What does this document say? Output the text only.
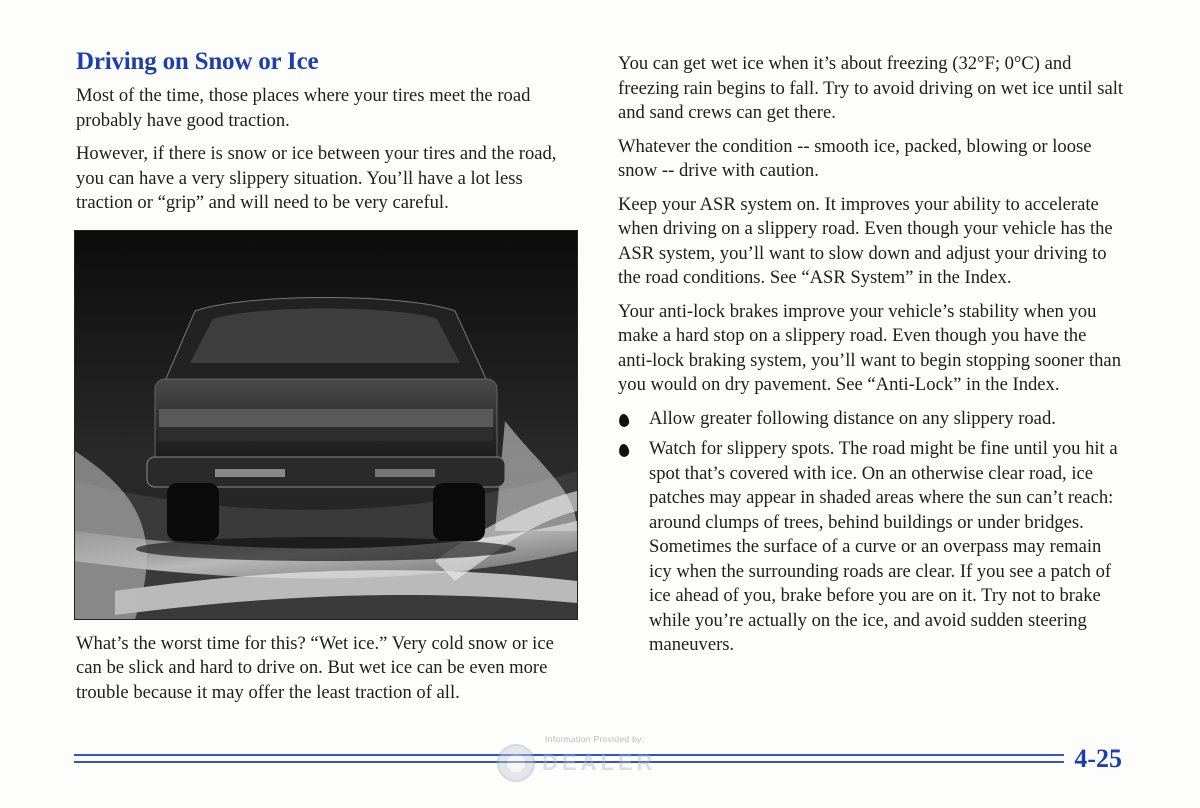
Driving on Snow or Ice

Most of the time, those places where your tires meet the road probably have good traction.

However, if there is snow or ice between your tires and the road, you can have a very slippery situation. You’ll have a lot less traction or “grip” and will need to be very careful.

What’s the worst time for this? “Wet ice.” Very cold snow or ice can be slick and hard to drive on. But wet ice can be even more trouble because it may offer the least traction of all.

You can get wet ice when it’s about freezing (32°F; 0°C) and freezing rain begins to fall. Try to avoid driving on wet ice until salt and sand crews can get there.

Whatever the condition -- smooth ice, packed, blowing or loose snow -- drive with caution.

Keep your ASR system on. It improves your ability to accelerate when driving on a slippery road. Even though your vehicle has the ASR system, you’ll want to slow down and adjust your driving to the road conditions. See “ASR System” in the Index.

Your anti-lock brakes improve your vehicle’s stability when you make a hard stop on a slippery road. Even though you have the anti-lock braking system, you’ll want to begin stopping sooner than you would on dry pavement. See “Anti-Lock” in the Index.

Allow greater following distance on any slippery road.
Watch for slippery spots. The road might be fine until you hit a spot that’s covered with ice. On an otherwise clear road, ice patches may appear in shaded areas where the sun can’t reach: around clumps of trees, behind buildings or under bridges. Sometimes the surface of a curve or an overpass may remain icy when the surrounding roads are clear. If you see a patch of ice ahead of you, brake before you are on it. Try not to brake while you’re actually on the ice, and avoid sudden steering maneuvers.
Information Provided by:
DEALER	4-25
